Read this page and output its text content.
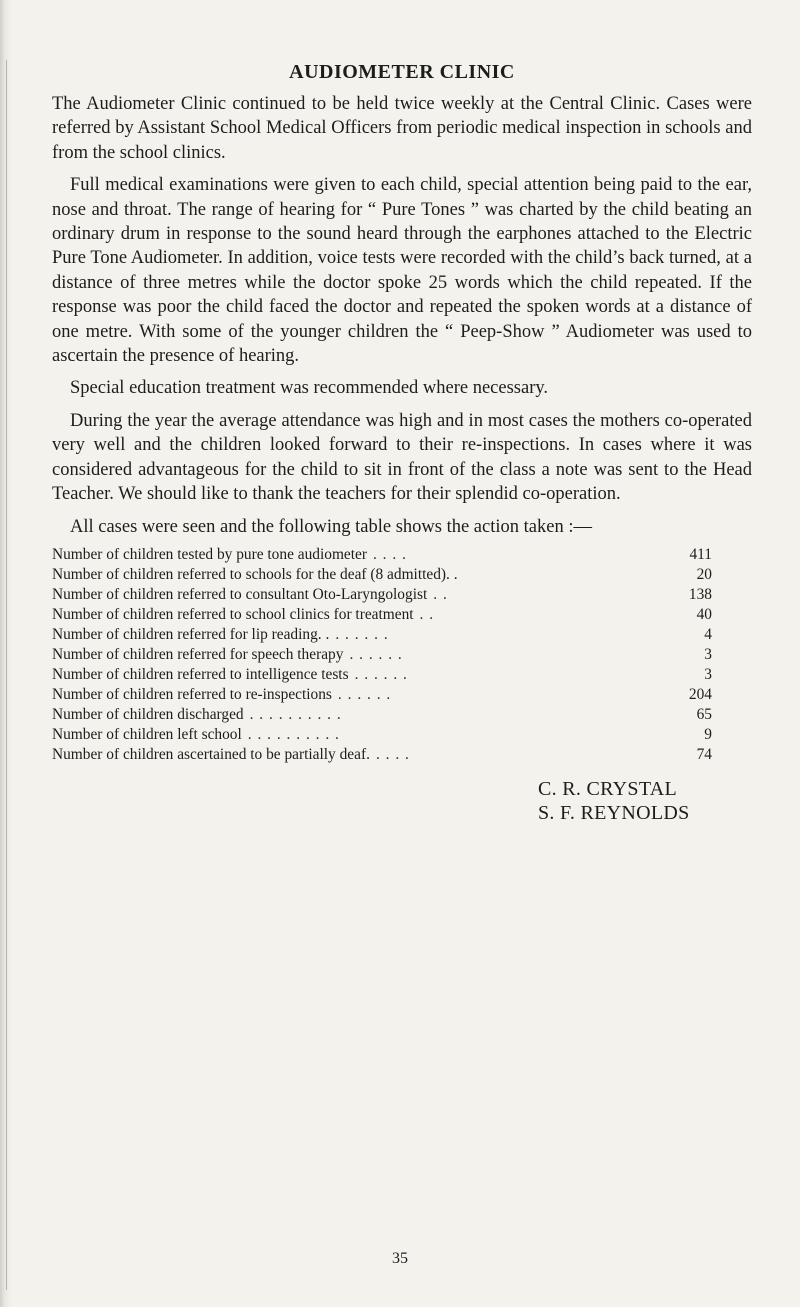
AUDIOMETER CLINIC

The Audiometer Clinic continued to be held twice weekly at the Central Clinic. Cases were referred by Assistant School Medical Officers from periodic medical inspection in schools and from the school clinics.

Full medical examinations were given to each child, special attention being paid to the ear, nose and throat. The range of hearing for “ Pure Tones ” was charted by the child beating an ordinary drum in response to the sound heard through the earphones attached to the Electric Pure Tone Audiometer. In addition, voice tests were recorded with the child’s back turned, at a distance of three metres while the doctor spoke 25 words which the child repeated. If the response was poor the child faced the doctor and repeated the spoken words at a distance of one metre. With some of the younger children the “ Peep-Show ” Audiometer was used to ascertain the presence of hearing.

Special education treatment was recommended where necessary.

During the year the average attendance was high and in most cases the mothers co-operated very well and the children looked forward to their re-inspections. In cases where it was considered advantageous for the child to sit in front of the class a note was sent to the Head Teacher. We should like to thank the teachers for their splendid co-operation.

All cases were seen and the following table shows the action taken :—

Number of children tested by pure tone audiometer . . . .	411
Number of children referred to schools for the deaf (8 admitted). .	20
Number of children referred to consultant Oto-Laryngologist . .	138
Number of children referred to school clinics for treatment . .	40
Number of children referred for lip reading. . . . . . . .	4
Number of children referred for speech therapy . . . . . .	3
Number of children referred to intelligence tests . . . . . .	3
Number of children referred to re-inspections . . . . . .	204
Number of children discharged . . . . . . . . . .	65
Number of children left school . . . . . . . . . .	9
Number of children ascertained to be partially deaf. . . . .	74
C. R. CRYSTAL
S. F. REYNOLDS
35
